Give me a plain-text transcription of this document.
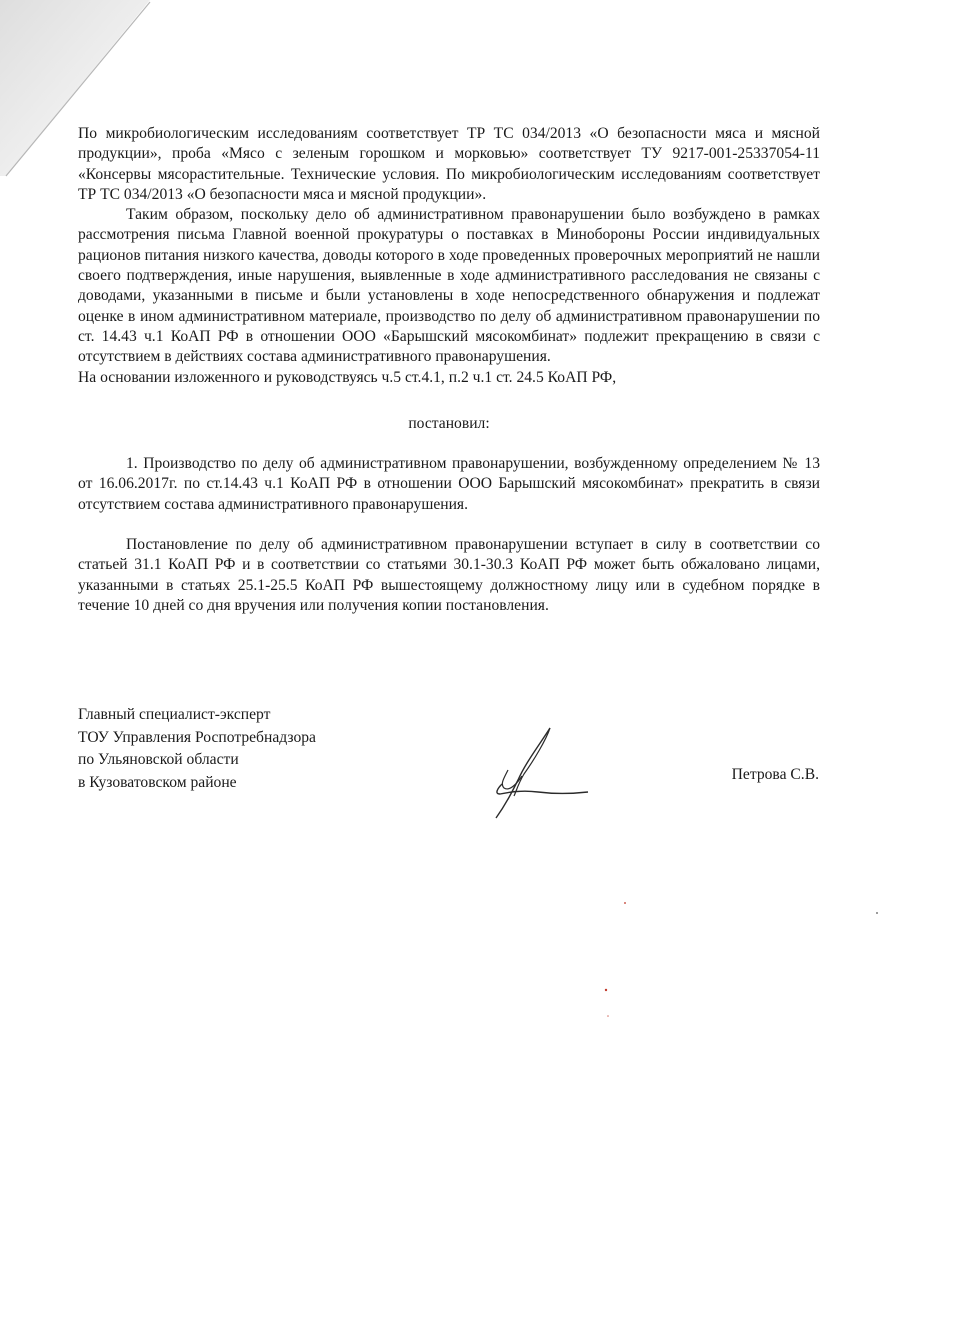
По микробиологическим исследованиям соответствует ТР ТС 034/2013 «О безопасности мяса и мясной продукции», проба «Мясо с зеленым горошком и морковью» соответствует ТУ 9217-001-25337054-11 «Консервы мясорастительные. Технические условия. По микробиологическим исследованиям соответствует ТР ТС 034/2013 «О безопасности мяса и мясной продукции».

Таким образом, поскольку дело об административном правонарушении было возбуждено в рамках рассмотрения письма Главной военной прокуратуры о поставках в Минобороны России индивидуальных рационов питания низкого качества, доводы которого в ходе проведенных проверочных мероприятий не нашли своего подтверждения, иные нарушения, выявленные в ходе административного расследования не связаны с доводами, указанными в письме и были установлены в ходе непосредственного обнаружения и подлежат оценке в ином административном материале, производство по делу об административном правонарушении по ст. 14.43 ч.1 КоАП РФ в отношении ООО «Барышский мясокомбинат» подлежит прекращению в связи с отсутствием в действиях состава административного правонарушения.

На основании изложенного и руководствуясь ч.5 ст.4.1, п.2 ч.1 ст. 24.5 КоАП РФ,

постановил:

1. Производство по делу об административном правонарушении, возбужденному определением № 13 от 16.06.2017г. по ст.14.43 ч.1 КоАП РФ в отношении ООО Барышский мясокомбинат» прекратить в связи отсутствием состава административного правонарушения.

Постановление по делу об административном правонарушении вступает в силу в соответствии со статьей 31.1 КоАП РФ и в соответствии со статьями 30.1-30.3 КоАП РФ может быть обжаловано лицами, указанными в статьях 25.1-25.5 КоАП РФ вышестоящему должностному лицу или в судебном порядке в течение 10 дней со дня вручения или получения копии постановления.

Главный специалист-эксперт

ТОУ Управления Роспотребнадзора

по Ульяновской области

в Кузоватовском районе	Петрова С.В.
